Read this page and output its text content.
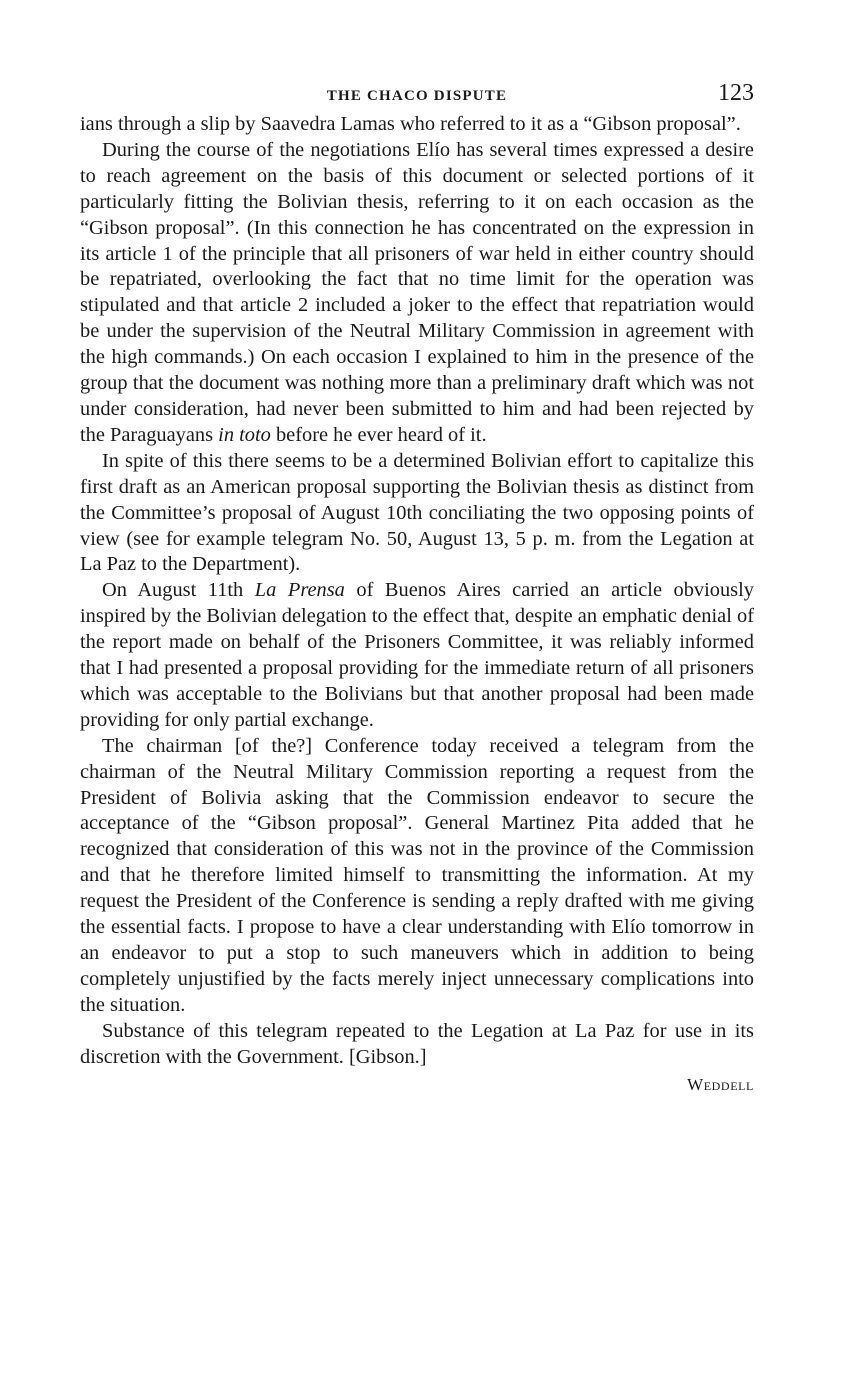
THE CHACO DISPUTE	123

ians through a slip by Saavedra Lamas who referred to it as a “Gibson proposal”.

During the course of the negotiations Elío has several times expressed a desire to reach agreement on the basis of this document or selected portions of it particularly fitting the Bolivian thesis, referring to it on each occasion as the “Gibson proposal”. (In this connection he has concentrated on the expression in its article 1 of the principle that all prisoners of war held in either country should be repatriated, overlooking the fact that no time limit for the operation was stipulated and that article 2 included a joker to the effect that repatriation would be under the supervision of the Neutral Military Commission in agreement with the high commands.) On each occasion I explained to him in the presence of the group that the document was nothing more than a preliminary draft which was not under consideration, had never been submitted to him and had been rejected by the Paraguayans in toto before he ever heard of it.

In spite of this there seems to be a determined Bolivian effort to capitalize this first draft as an American proposal supporting the Bolivian thesis as distinct from the Committee’s proposal of August 10th conciliating the two opposing points of view (see for example telegram No. 50, August 13, 5 p. m. from the Legation at La Paz to the Department).

On August 11th La Prensa of Buenos Aires carried an article obviously inspired by the Bolivian delegation to the effect that, despite an emphatic denial of the report made on behalf of the Prisoners Committee, it was reliably informed that I had presented a proposal providing for the immediate return of all prisoners which was acceptable to the Bolivians but that another proposal had been made providing for only partial exchange.

The chairman [of the?] Conference today received a telegram from the chairman of the Neutral Military Commission reporting a request from the President of Bolivia asking that the Commission endeavor to secure the acceptance of the “Gibson proposal”. General Martinez Pita added that he recognized that consideration of this was not in the province of the Commission and that he therefore limited himself to transmitting the information. At my request the President of the Conference is sending a reply drafted with me giving the essential facts. I propose to have a clear understanding with Elío tomorrow in an endeavor to put a stop to such maneuvers which in addition to being completely unjustified by the facts merely inject unnecessary complications into the situation.

Substance of this telegram repeated to the Legation at La Paz for use in its discretion with the Government. [Gibson.]

Weddell
